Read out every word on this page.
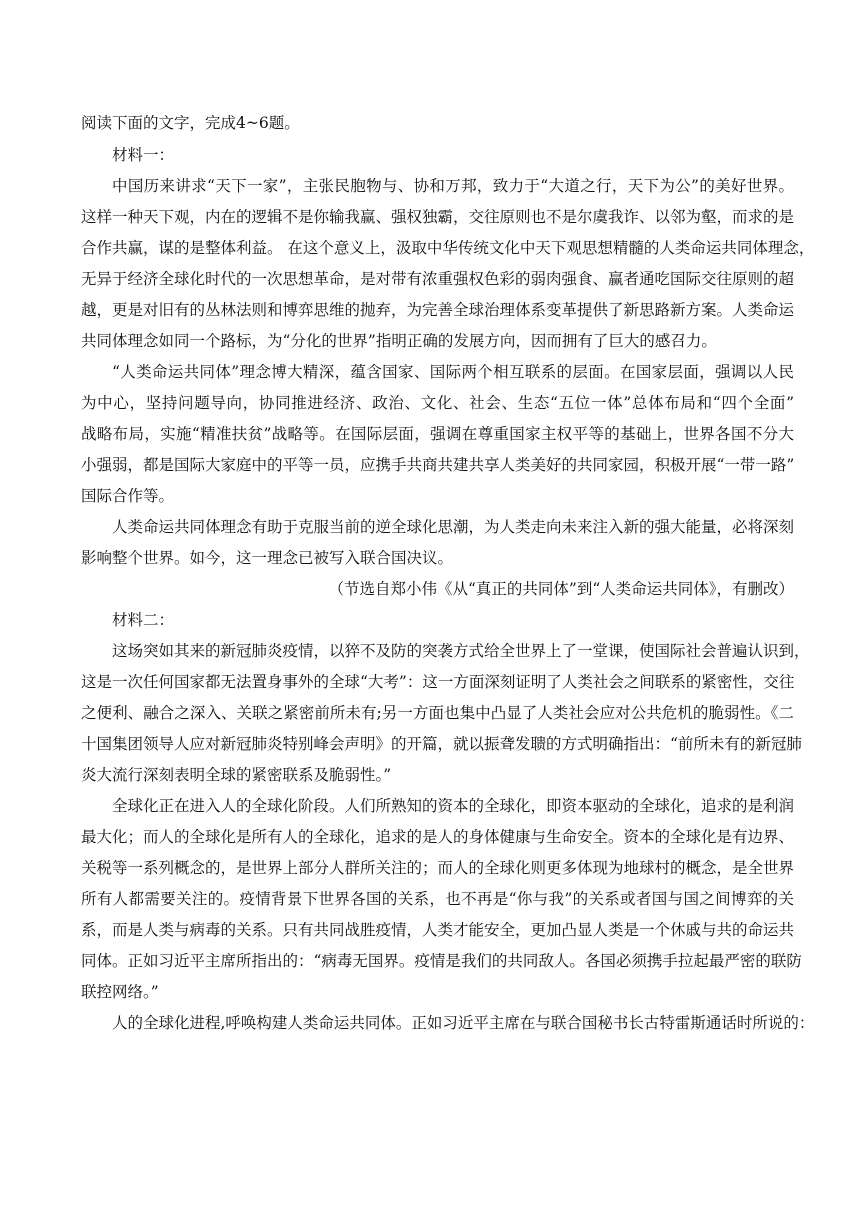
阅读下面的文字，完成4~6题。
材料一：
中国历来讲求“天下一家”，主张民胞物与、协和万邦，致力于“大道之行，天下为公”的美好世界。
这样一种天下观，内在的逻辑不是你输我赢、强权独霸，交往原则也不是尔虞我诈、以邻为壑，而求的是
合作共赢，谋的是整体利益。 在这个意义上，汲取中华传统文化中天下观思想精髓的人类命运共同体理念，
无异于经济全球化时代的一次思想革命，是对带有浓重强权色彩的弱肉强食、赢者通吃国际交往原则的超
越，更是对旧有的丛林法则和博弈思维的抛弃，为完善全球治理体系变革提供了新思路新方案。人类命运
共同体理念如同一个路标，为“分化的世界”指明正确的发展方向，因而拥有了巨大的感召力。
“人类命运共同体”理念博大精深，蕴含国家、国际两个相互联系的层面。在国家层面，强调以人民
为中心，坚持问题导向，协同推进经济、政治、文化、社会、生态“五位一体”总体布局和“四个全面”
战略布局，实施“精准扶贫”战略等。在国际层面，强调在尊重国家主权平等的基础上，世界各国不分大
小强弱，都是国际大家庭中的平等一员，应携手共商共建共享人类美好的共同家园，积极开展“一带一路”
国际合作等。
人类命运共同体理念有助于克服当前的逆全球化思潮，为人类走向未来注入新的强大能量，必将深刻
影响整个世界。如今，这一理念已被写入联合国决议。
（节选自郑小伟《从“真正的共同体”到“人类命运共同体》，有删改）
材料二：
这场突如其来的新冠肺炎疫情，以猝不及防的突袭方式给全世界上了一堂课，使国际社会普遍认识到，
这是一次任何国家都无法置身事外的全球“大考”：这一方面深刻证明了人类社会之间联系的紧密性，交往
之便利、融合之深入、关联之紧密前所未有;另一方面也集中凸显了人类社会应对公共危机的脆弱性。《二
十国集团领导人应对新冠肺炎特别峰会声明》的开篇，就以振聋发聩的方式明确指出：“前所未有的新冠肺
炎大流行深刻表明全球的紧密联系及脆弱性。”
全球化正在进入人的全球化阶段。人们所熟知的资本的全球化，即资本驱动的全球化，追求的是利润
最大化；而人的全球化是所有人的全球化，追求的是人的身体健康与生命安全。资本的全球化是有边界、
关税等一系列概念的，是世界上部分人群所关注的；而人的全球化则更多体现为地球村的概念，是全世界
所有人都需要关注的。疫情背景下世界各国的关系，也不再是“你与我”的关系或者国与国之间博弈的关
系，而是人类与病毒的关系。只有共同战胜疫情，人类才能安全，更加凸显人类是一个休戚与共的命运共
同体。正如习近平主席所指出的：“病毒无国界。疫情是我们的共同敌人。各国必须携手拉起最严密的联防
联控网络。”
人的全球化进程,呼唤构建人类命运共同体。正如习近平主席在与联合国秘书长古特雷斯通话时所说的：
